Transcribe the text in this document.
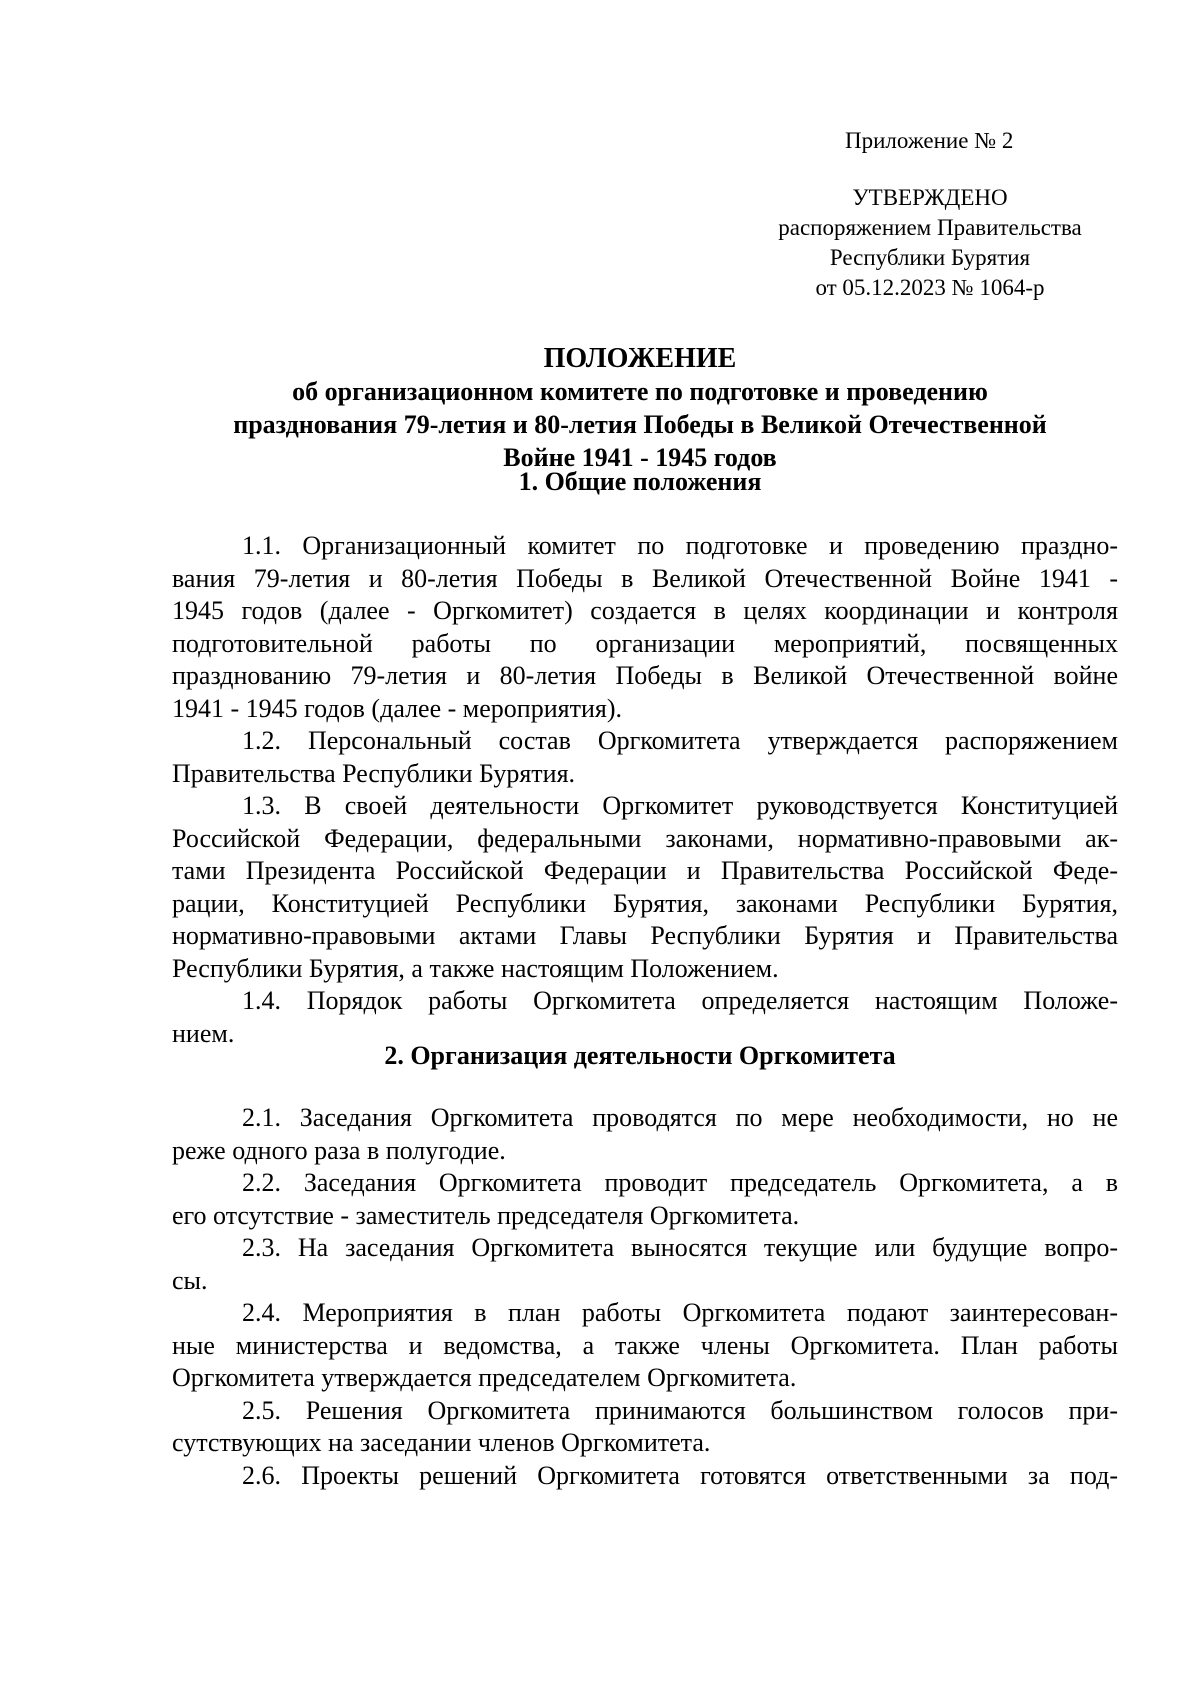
Приложение № 2
УТВЕРЖДЕНО
распоряжением Правительства
Республики Бурятия
от 05.12.2023 № 1064-р
ПОЛОЖЕНИЕ
об организационном комитете по подготовке и проведению
празднования 79-летия и 80-летия Победы в Великой Отечественной
Войне 1941 - 1945 годов
1. Общие положения

1.1. Организационный комитет по подготовке и проведению праздно-
вания 79-летия и 80-летия Победы в Великой Отечественной Войне 1941 -
1945 годов (далее - Оргкомитет) создается в целях координации и контроля
подготовительной работы по организации мероприятий, посвященных
празднованию 79-летия и 80-летия Победы в Великой Отечественной войне
1941 - 1945 годов (далее - мероприятия).

1.2. Персональный состав Оргкомитета утверждается распоряжением
Правительства Республики Бурятия.

1.3. В своей деятельности Оргкомитет руководствуется Конституцией
Российской Федерации, федеральными законами, нормативно-правовыми ак-
тами Президента Российской Федерации и Правительства Российской Феде-
рации, Конституцией Республики Бурятия, законами Республики Бурятия,
нормативно-правовыми актами Главы Республики Бурятия и Правительства
Республики Бурятия, а также настоящим Положением.

1.4. Порядок работы Оргкомитета определяется настоящим Положе-
нием.

2. Организация деятельности Оргкомитета

2.1. Заседания Оргкомитета проводятся по мере необходимости, но не
реже одного раза в полугодие.

2.2. Заседания Оргкомитета проводит председатель Оргкомитета, а в
его отсутствие - заместитель председателя Оргкомитета.

2.3. На заседания Оргкомитета выносятся текущие или будущие вопро-
сы.

2.4. Мероприятия в план работы Оргкомитета подают заинтересован-
ные министерства и ведомства, а также члены Оргкомитета. План работы
Оргкомитета утверждается председателем Оргкомитета.

2.5. Решения Оргкомитета принимаются большинством голосов при-
сутствующих на заседании членов Оргкомитета.

2.6. Проекты решений Оргкомитета готовятся ответственными за под-
